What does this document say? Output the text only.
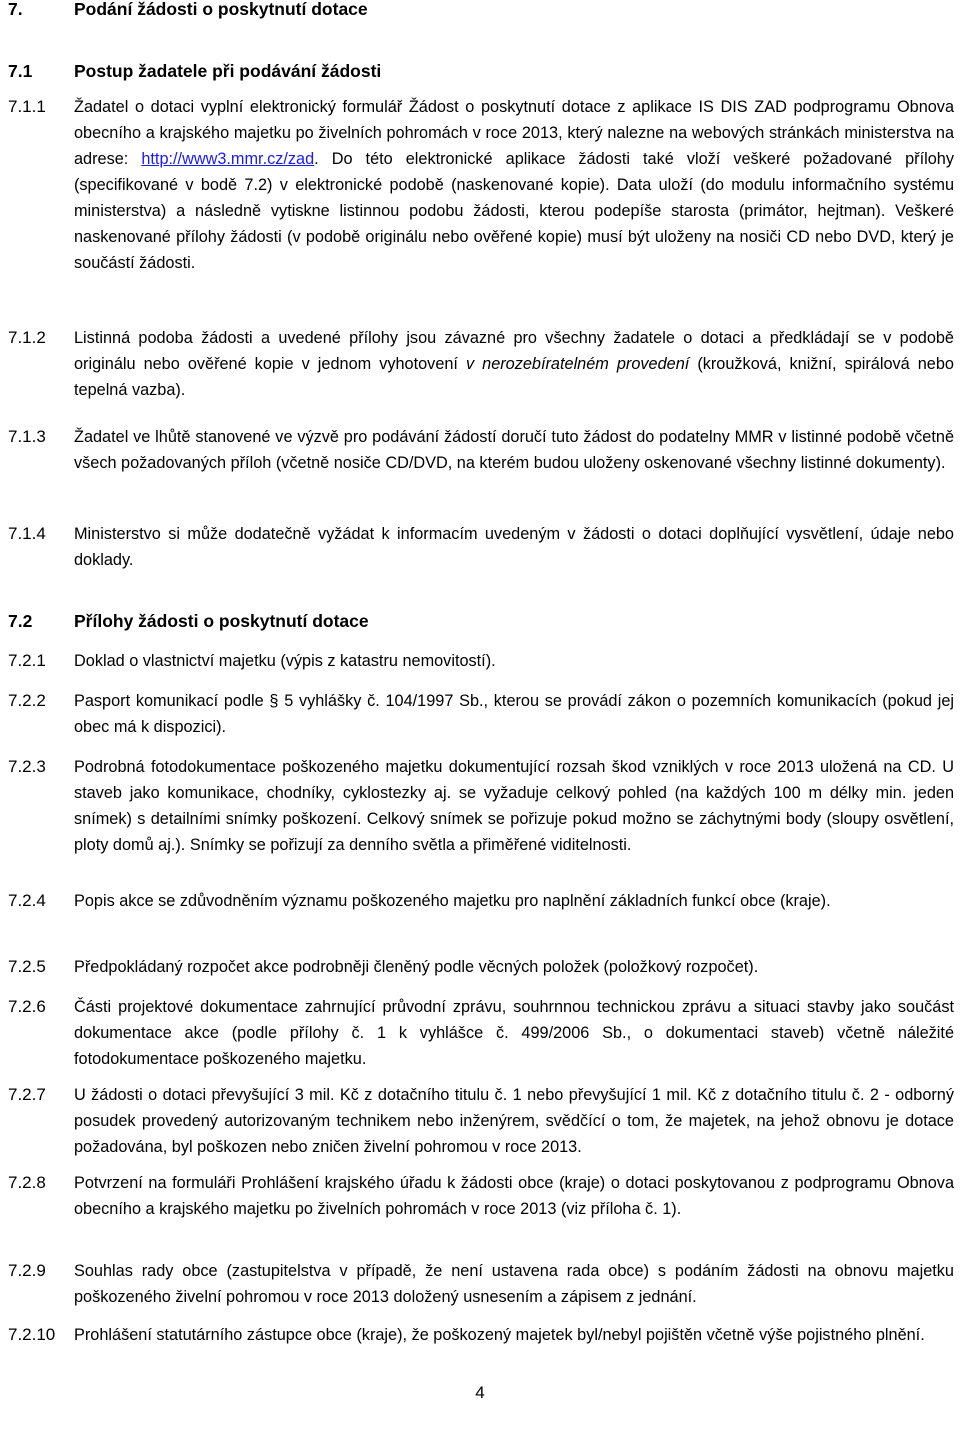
7.	Podání žádosti o poskytnutí dotace
7.1	Postup žadatele při podávání žádosti
7.1.1	Žadatel o dotaci vyplní elektronický formulář Žádost o poskytnutí dotace z aplikace IS DIS ZAD podprogramu Obnova obecního a krajského majetku po živelních pohromách v roce 2013, který nalezne na webových stránkách ministerstva na adrese: http://www3.mmr.cz/zad. Do této elektronické aplikace žádosti také vloží veškeré požadované přílohy (specifikované v bodě 7.2) v elektronické podobě (naskenované kopie). Data uloží (do modulu informačního systému ministerstva) a následně vytiskne listinnou podobu žádosti, kterou podepíše starosta (primátor, hejtman). Veškeré naskenované přílohy žádosti (v podobě originálu nebo ověřené kopie) musí být uloženy na nosiči CD nebo DVD, který je součástí žádosti.
7.1.2	Listinná podoba žádosti a uvedené přílohy jsou závazné pro všechny žadatele o dotaci a předkládají se v podobě originálu nebo ověřené kopie v jednom vyhotovení v nerozebíratelném provedení (kroužková, knižní, spirálová nebo tepelná vazba).
7.1.3	Žadatel ve lhůtě stanovené ve výzvě pro podávání žádostí doručí tuto žádost do podatelny MMR v listinné podobě včetně všech požadovaných příloh (včetně nosiče CD/DVD, na kterém budou uloženy oskenované všechny listinné dokumenty).
7.1.4	Ministerstvo si může dodatečně vyžádat k informacím uvedeným v žádosti o dotaci doplňující vysvětlení, údaje nebo doklady.
7.2	Přílohy žádosti o poskytnutí dotace
7.2.1	Doklad o vlastnictví majetku (výpis z katastru nemovitostí).
7.2.2	Pasport komunikací podle § 5 vyhlášky č. 104/1997 Sb., kterou se provádí zákon o pozemních komunikacích (pokud jej obec má k dispozici).
7.2.3	Podrobná fotodokumentace poškozeného majetku dokumentující rozsah škod vzniklých v roce 2013 uložená na CD. U staveb jako komunikace, chodníky, cyklostezky aj. se vyžaduje celkový pohled (na každých 100 m délky min. jeden snímek) s detailními snímky poškození. Celkový snímek se pořizuje pokud možno se záchytnými body (sloupy osvětlení, ploty domů aj.). Snímky se pořizují za denního světla a přiměřené viditelnosti.
7.2.4	Popis akce se zdůvodněním významu poškozeného majetku pro naplnění základních funkcí obce (kraje).
7.2.5	Předpokládaný rozpočet akce podrobněji členěný podle věcných položek (položkový rozpočet).
7.2.6	Části projektové dokumentace zahrnující průvodní zprávu, souhrnnou technickou zprávu a situaci stavby jako součást dokumentace akce (podle přílohy č. 1 k vyhlášce č. 499/2006 Sb., o dokumentaci staveb) včetně náležité fotodokumentace poškozeného majetku.
7.2.7	U žádosti o dotaci převyšující 3 mil. Kč z dotačního titulu č. 1 nebo převyšující 1 mil. Kč z dotačního titulu č. 2 - odborný posudek provedený autorizovaným technikem nebo inženýrem, svědčící o tom, že majetek, na jehož obnovu je dotace požadována, byl poškozen nebo zničen živelní pohromou v roce 2013.
7.2.8	Potvrzení na formuláři Prohlášení krajského úřadu k žádosti obce (kraje) o dotaci poskytovanou z podprogramu Obnova obecního a krajského majetku po živelních pohromách v roce 2013 (viz příloha č. 1).
7.2.9	Souhlas rady obce (zastupitelstva v případě, že není ustavena rada obce) s podáním žádosti na obnovu majetku poškozeného živelní pohromou v roce 2013 doložený usnesením a zápisem z jednání.
7.2.10	Prohlášení statutárního zástupce obce (kraje), že poškozený majetek byl/nebyl pojištěn včetně výše pojistného plnění.
4
